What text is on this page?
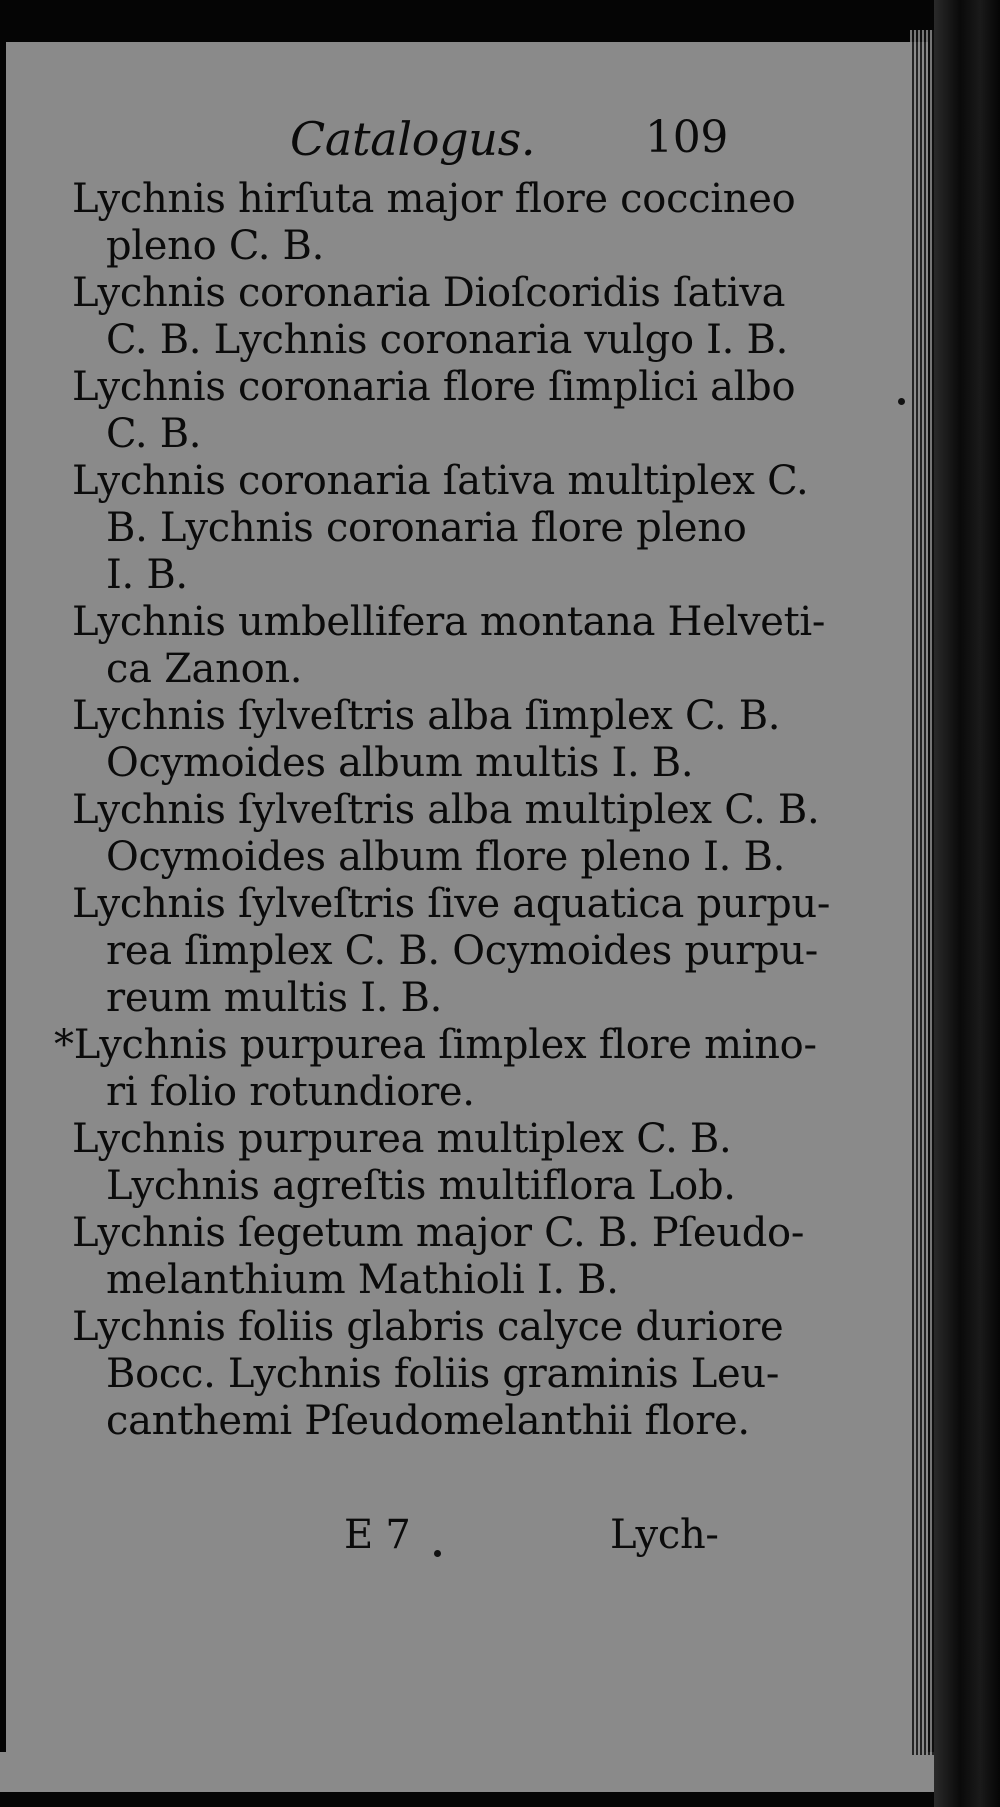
Catalogus. 109
Lychnis hirſuta major flore coccineo
pleno C. B.
Lychnis coronaria Dioſcoridis ſativa
C. B. Lychnis coronaria vulgo I. B.
Lychnis coronaria flore ſimplici albo
C. B.
Lychnis coronaria ſativa multiplex C.
B. Lychnis coronaria flore pleno
I. B.
Lychnis umbellifera montana Helveti-
ca Zanon.
Lychnis ſylveſtris alba ſimplex C. B.
Ocymoides album multis I. B.
Lychnis ſylveſtris alba multiplex C. B.
Ocymoides album flore pleno I. B.
Lychnis ſylveſtris ſive aquatica purpu-
rea ſimplex C. B. Ocymoides purpu-
reum multis I. B.
*Lychnis purpurea ſimplex flore mino-
ri folio rotundiore.
Lychnis purpurea multiplex C. B.
Lychnis agreſtis multiflora Lob.
Lychnis ſegetum major C. B. Pſeudo-
melanthium Mathioli I. B.
Lychnis foliis glabris calyce duriore
Bocc. Lychnis foliis graminis Leu-
canthemi Pſeudomelanthii flore.
E 7	Lych-
